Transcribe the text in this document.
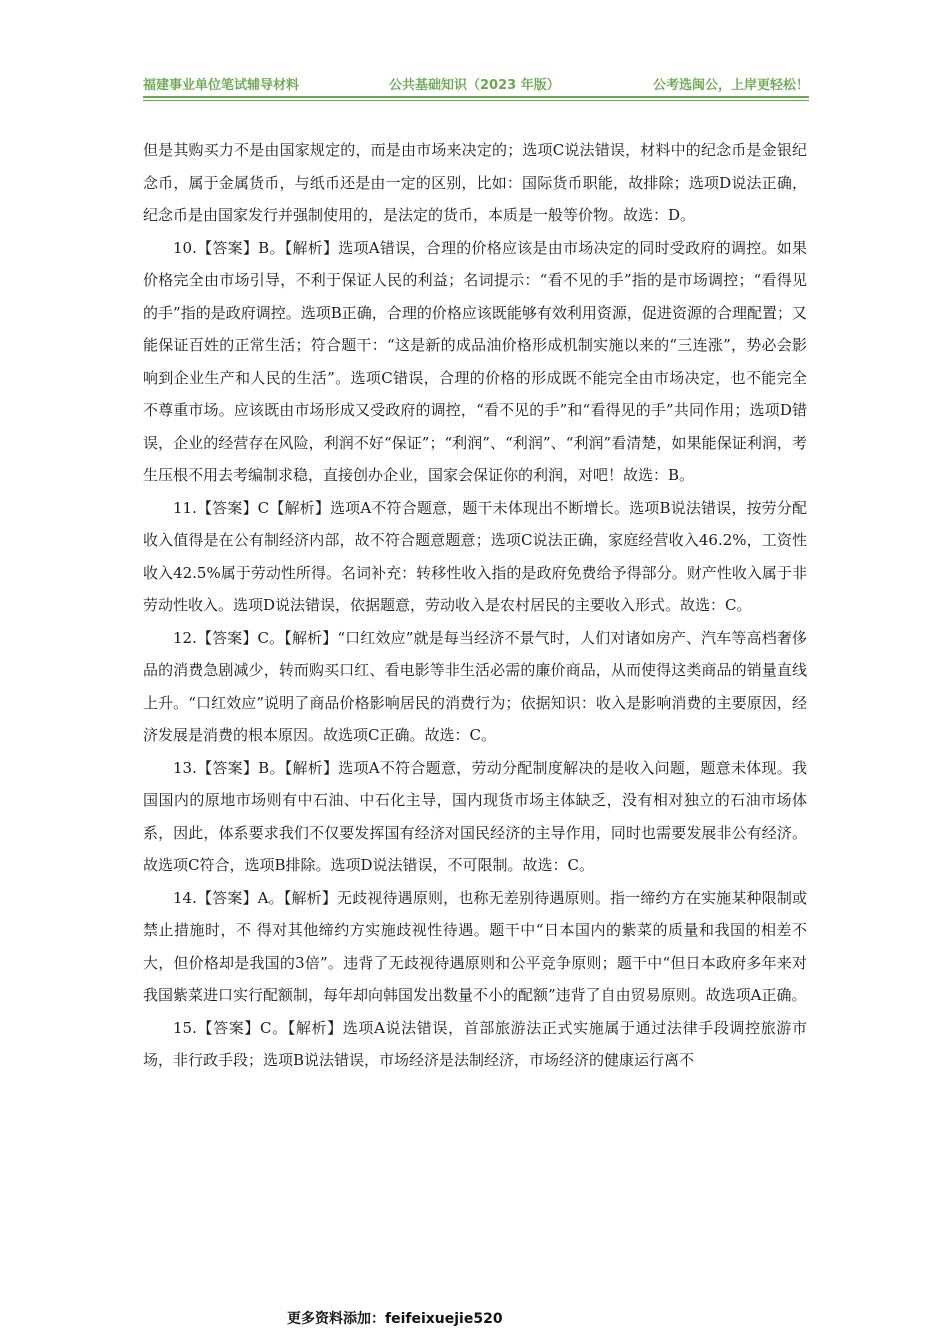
福建事业单位笔试辅导材料	公共基础知识（2023 年版）	公考选闽公，上岸更轻松！

但是其购买力不是由国家规定的，而是由市场来决定的；选项C说法错误，材料中的纪念币是金银纪念币，属于金属货币，与纸币还是由一定的区别，比如：国际货币职能，故排除；选项D说法正确，纪念币是由国家发行并强制使用的，是法定的货币，本质是一般等价物。故选：D。

10.【答案】B。【解析】选项A错误，合理的价格应该是由市场决定的同时受政府的调控。如果价格完全由市场引导，不利于保证人民的利益；名词提示：“看不见的手”指的是市场调控；“看得见的手”指的是政府调控。选项B正确，合理的价格应该既能够有效利用资源，促进资源的合理配置；又能保证百姓的正常生活；符合题干：“这是新的成品油价格形成机制实施以来的“三连涨”，势必会影响到企业生产和人民的生活”。选项C错误，合理的价格的形成既不能完全由市场决定，也不能完全不尊重市场。应该既由市场形成又受政府的调控，“看不见的手”和“看得见的手”共同作用；选项D错误，企业的经营存在风险，利润不好“保证”；“利润”、“利润”、“利润”看清楚，如果能保证利润，考生压根不用去考编制求稳，直接创办企业，国家会保证你的利润，对吧！故选：B。

11.【答案】C【解析】选项A不符合题意，题干未体现出不断增长。选项B说法错误，按劳分配收入值得是在公有制经济内部，故不符合题意题意；选项C说法正确，家庭经营收入46.2%，工资性收入42.5%属于劳动性所得。名词补充：转移性收入指的是政府免费给予得部分。财产性收入属于非劳动性收入。选项D说法错误，依据题意，劳动收入是农村居民的主要收入形式。故选：C。

12.【答案】C。【解析】“口红效应”就是每当经济不景气时，人们对诸如房产、汽车等高档奢侈品的消费急剧减少，转而购买口红、看电影等非生活必需的廉价商品，从而使得这类商品的销量直线上升。“口红效应”说明了商品价格影响居民的消费行为；依据知识：收入是影响消费的主要原因，经济发展是消费的根本原因。故选项C正确。故选：C。

13.【答案】B。【解析】选项A不符合题意，劳动分配制度解决的是收入问题，题意未体现。我国国内的原地市场则有中石油、中石化主导，国内现货市场主体缺乏，没有相对独立的石油市场体系，因此，体系要求我们不仅要发挥国有经济对国民经济的主导作用，同时也需要发展非公有经济。故选项C符合，选项B排除。选项D说法错误，不可限制。故选：C。

14.【答案】A。【解析】无歧视待遇原则，也称无差别待遇原则。指一缔约方在实施某种限制或禁止措施时，不 得对其他缔约方实施歧视性待遇。题干中“日本国内的紫菜的质量和我国的相差不大，但价格却是我国的3倍”。违背了无歧视待遇原则和公平竞争原则；题干中“但日本政府多年来对我国紫菜进口实行配额制，每年却向韩国发出数量不小的配额”违背了自由贸易原则。故选项A正确。

15.【答案】C。【解析】选项A说法错误，首部旅游法正式实施属于通过法律手段调控旅游市场，非行政手段；选项B说法错误，市场经济是法制经济，市场经济的健康运行离不

更多资料添加：feifeixuejie520
